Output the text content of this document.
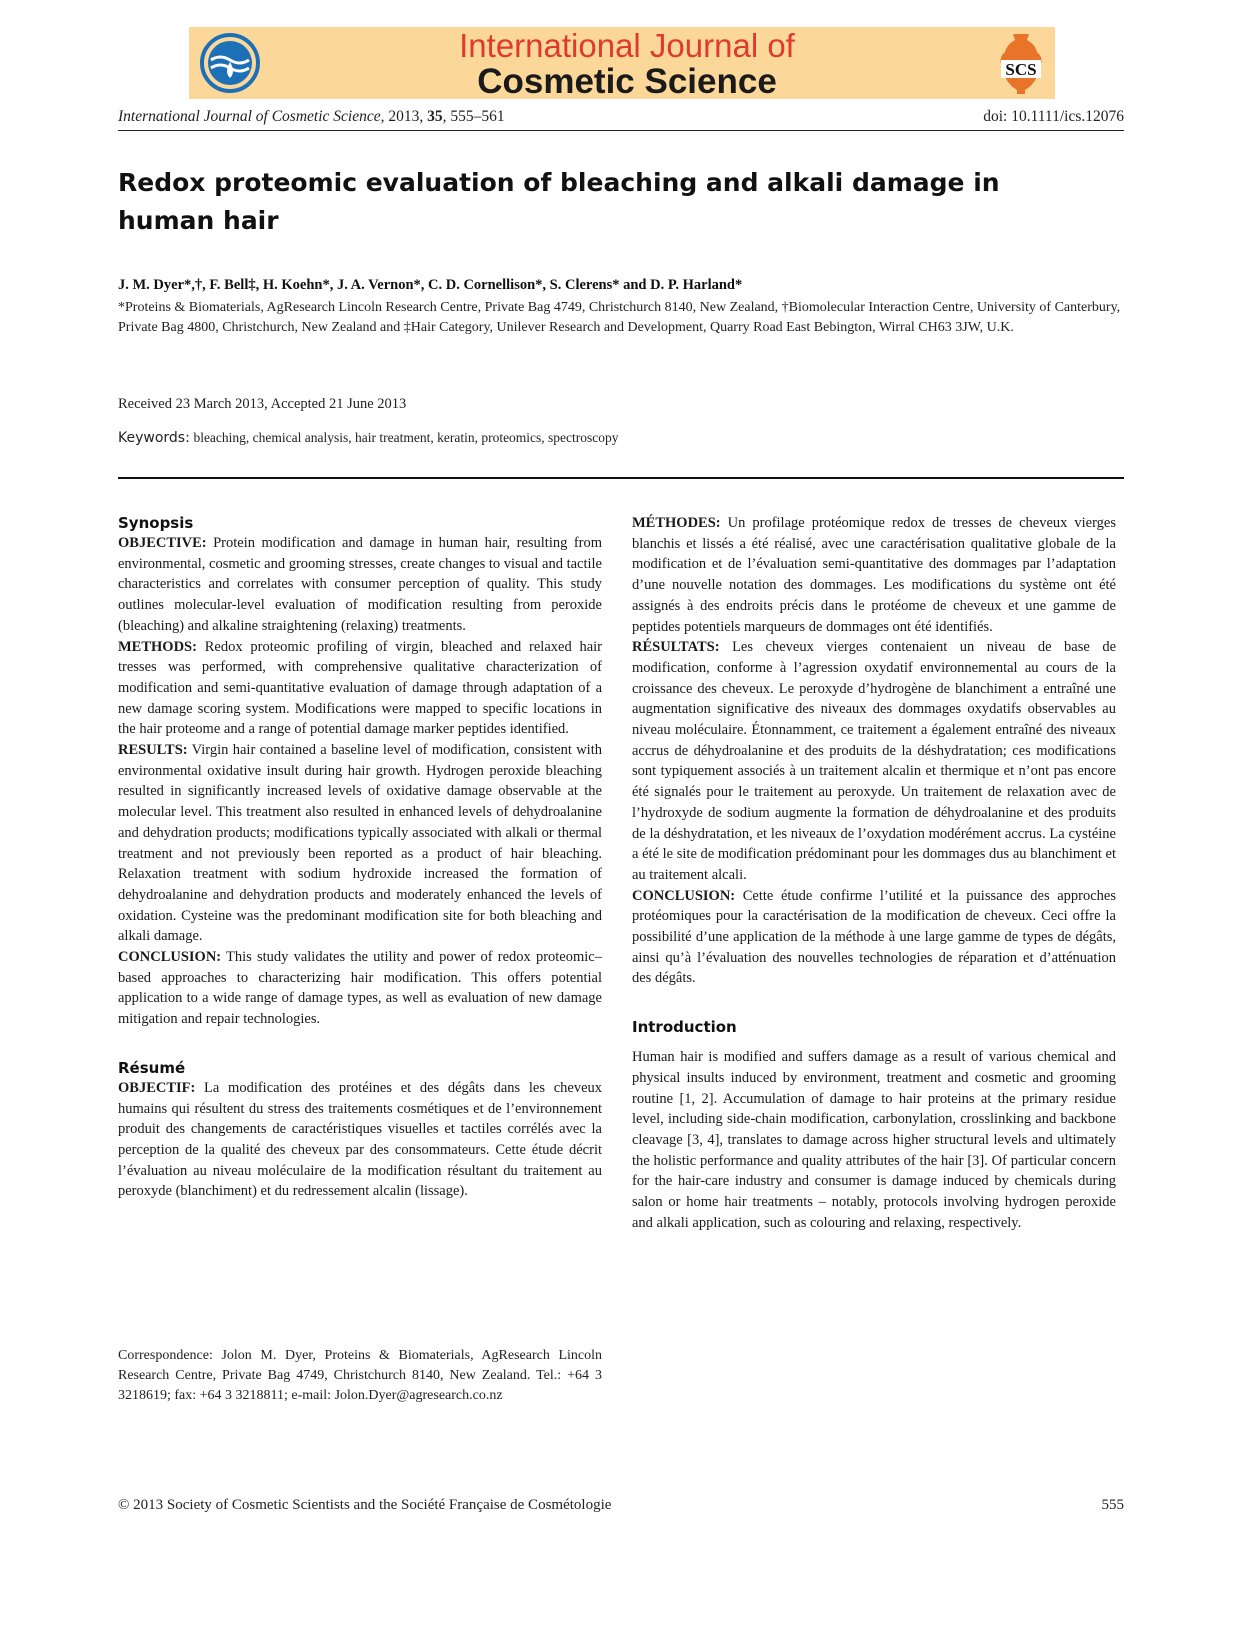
International Journal of
Cosmetic Science	SCS
International Journal of Cosmetic Science, 2013, 35, 555–561	doi: 10.1111/ics.12076
Redox proteomic evaluation of bleaching and alkali damage in human hair
J. M. Dyer*,†, F. Bell‡, H. Koehn*, J. A. Vernon*, C. D. Cornellison*, S. Clerens* and D. P. Harland*
*Proteins & Biomaterials, AgResearch Lincoln Research Centre, Private Bag 4749, Christchurch 8140, New Zealand, †Biomolecular Interaction Centre, University of Canterbury, Private Bag 4800, Christchurch, New Zealand and ‡Hair Category, Unilever Research and Development, Quarry Road East Bebington, Wirral CH63 3JW, U.K.
Received 23 March 2013, Accepted 21 June 2013
Keywords: bleaching, chemical analysis, hair treatment, keratin, proteomics, spectroscopy

Synopsis

OBJECTIVE: Protein modification and damage in human hair, resulting from environmental, cosmetic and grooming stresses, create changes to visual and tactile characteristics and correlates with consumer perception of quality. This study outlines molecular-level evaluation of modification resulting from peroxide (bleaching) and alkaline straightening (relaxing) treatments.

METHODS: Redox proteomic profiling of virgin, bleached and relaxed hair tresses was performed, with comprehensive qualitative characterization of modification and semi-quantitative evaluation of damage through adaptation of a new damage scoring system. Modifications were mapped to specific locations in the hair proteome and a range of potential damage marker peptides identified.

RESULTS: Virgin hair contained a baseline level of modification, consistent with environmental oxidative insult during hair growth. Hydrogen peroxide bleaching resulted in significantly increased levels of oxidative damage observable at the molecular level. This treatment also resulted in enhanced levels of dehydroalanine and dehydration products; modifications typically associated with alkali or thermal treatment and not previously been reported as a product of hair bleaching. Relaxation treatment with sodium hydroxide increased the formation of dehydroalanine and dehydration products and moderately enhanced the levels of oxidation. Cysteine was the predominant modification site for both bleaching and alkali damage.

CONCLUSION: This study validates the utility and power of redox proteomic–based approaches to characterizing hair modification. This offers potential application to a wide range of damage types, as well as evaluation of new damage mitigation and repair technologies.

Résumé

OBJECTIF: La modification des protéines et des dégâts dans les cheveux humains qui résultent du stress des traitements cosmétiques et de l’environnement produit des changements de caractéristiques visuelles et tactiles corrélés avec la perception de la qualité des cheveux par des consommateurs. Cette étude décrit l’évaluation au niveau moléculaire de la modification résultant du traitement au peroxyde (blanchiment) et du redressement alcalin (lissage).

MÉTHODES: Un profilage protéomique redox de tresses de cheveux vierges blanchis et lissés a été réalisé, avec une caractérisation qualitative globale de la modification et de l’évaluation semi-quantitative des dommages par l’adaptation d’une nouvelle notation des dommages. Les modifications du système ont été assignés à des endroits précis dans le protéome de cheveux et une gamme de peptides potentiels marqueurs de dommages ont été identifiés.

RÉSULTATS: Les cheveux vierges contenaient un niveau de base de modification, conforme à l’agression oxydatif environnemental au cours de la croissance des cheveux. Le peroxyde d’hydrogène de blanchiment a entraîné une augmentation significative des niveaux des dommages oxydatifs observables au niveau moléculaire. Étonnamment, ce traitement a également entraîné des niveaux accrus de déhydroalanine et des produits de la déshydratation; ces modifications sont typiquement associés à un traitement alcalin et thermique et n’ont pas encore été signalés pour le traitement au peroxyde. Un traitement de relaxation avec de l’hydroxyde de sodium augmente la formation de déhydroalanine et des produits de la déshydratation, et les niveaux de l’oxydation modérément accrus. La cystéine a été le site de modification prédominant pour les dommages dus au blanchiment et au traitement alcali.

CONCLUSION: Cette étude confirme l’utilité et la puissance des approches protéomiques pour la caractérisation de la modification de cheveux. Ceci offre la possibilité d’une application de la méthode à une large gamme de types de dégâts, ainsi qu’à l’évaluation des nouvelles technologies de réparation et d’atténuation des dégâts.

Introduction

Human hair is modified and suffers damage as a result of various chemical and physical insults induced by environment, treatment and cosmetic and grooming routine [1, 2]. Accumulation of damage to hair proteins at the primary residue level, including side-chain modification, carbonylation, crosslinking and backbone cleavage [3, 4], translates to damage across higher structural levels and ultimately the holistic performance and quality attributes of the hair [3]. Of particular concern for the hair-care industry and consumer is damage induced by chemicals during salon or home hair treatments – notably, protocols involving hydrogen peroxide and alkali application, such as colouring and relaxing, respectively.

Correspondence: Jolon M. Dyer, Proteins & Biomaterials, AgResearch Lincoln Research Centre, Private Bag 4749, Christchurch 8140, New Zealand. Tel.: +64 3 3218619; fax: +64 3 3218811; e-mail: Jolon.Dyer@agresearch.co.nz
© 2013 Society of Cosmetic Scientists and the Société Française de Cosmétologie	555
